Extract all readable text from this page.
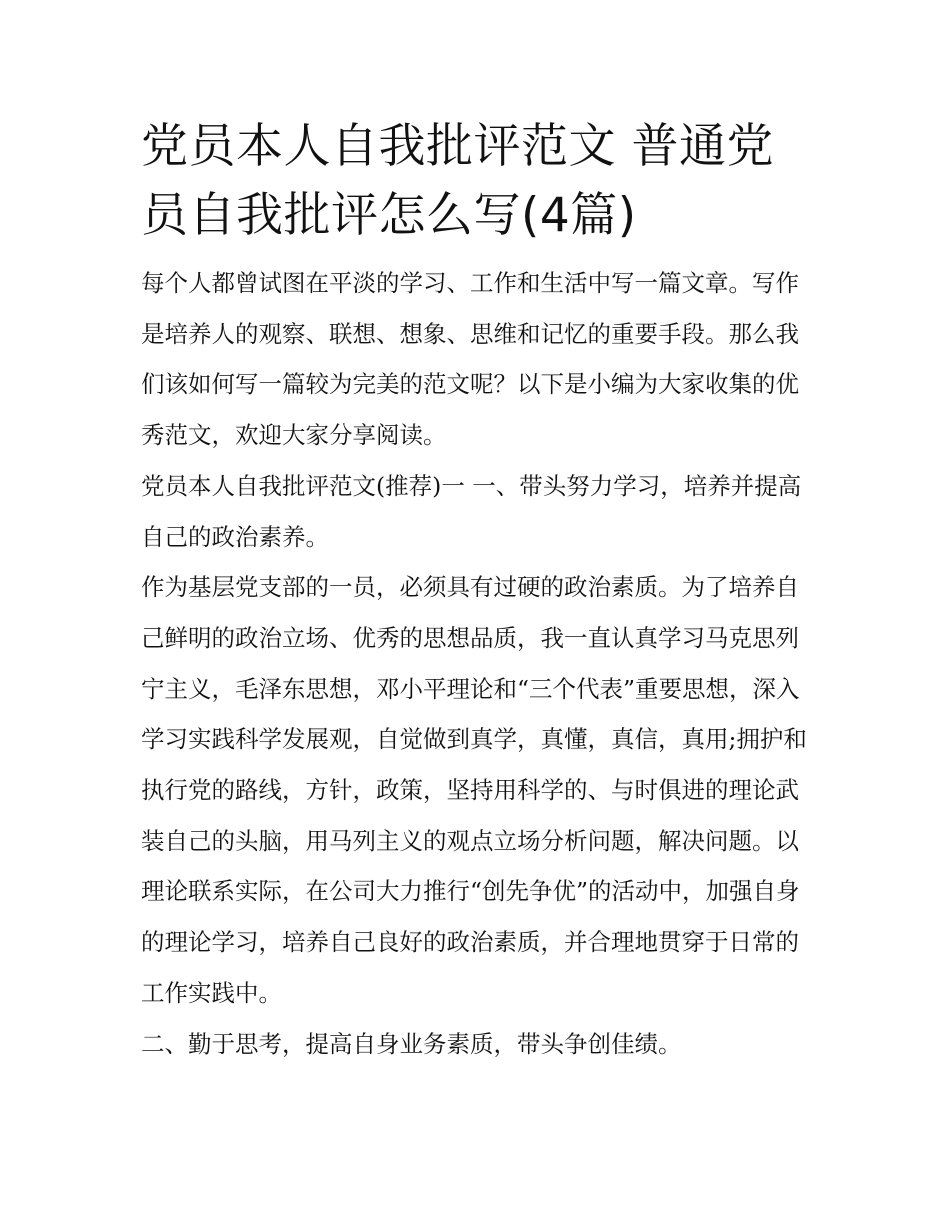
党员本人自我批评范文 普通党员自我批评怎么写(4篇)

每个人都曾试图在平淡的学习、工作和生活中写一篇文章。写作是培养人的观察、联想、想象、思维和记忆的重要手段。那么我们该如何写一篇较为完美的范文呢？以下是小编为大家收集的优秀范文，欢迎大家分享阅读。

党员本人自我批评范文(推荐)一 一、带头努力学习，培养并提高自己的政治素养。

作为基层党支部的一员，必须具有过硬的政治素质。为了培养自己鲜明的政治立场、优秀的思想品质，我一直认真学习马克思列宁主义，毛泽东思想，邓小平理论和“三个代表”重要思想，深入学习实践科学发展观，自觉做到真学，真懂，真信，真用;拥护和执行党的路线，方针，政策，坚持用科学的、与时俱进的理论武装自己的头脑，用马列主义的观点立场分析问题，解决问题。以理论联系实际，在公司大力推行“创先争优”的活动中，加强自身的理论学习，培养自己良好的政治素质，并合理地贯穿于日常的工作实践中。

二、勤于思考，提高自身业务素质，带头争创佳绩。
